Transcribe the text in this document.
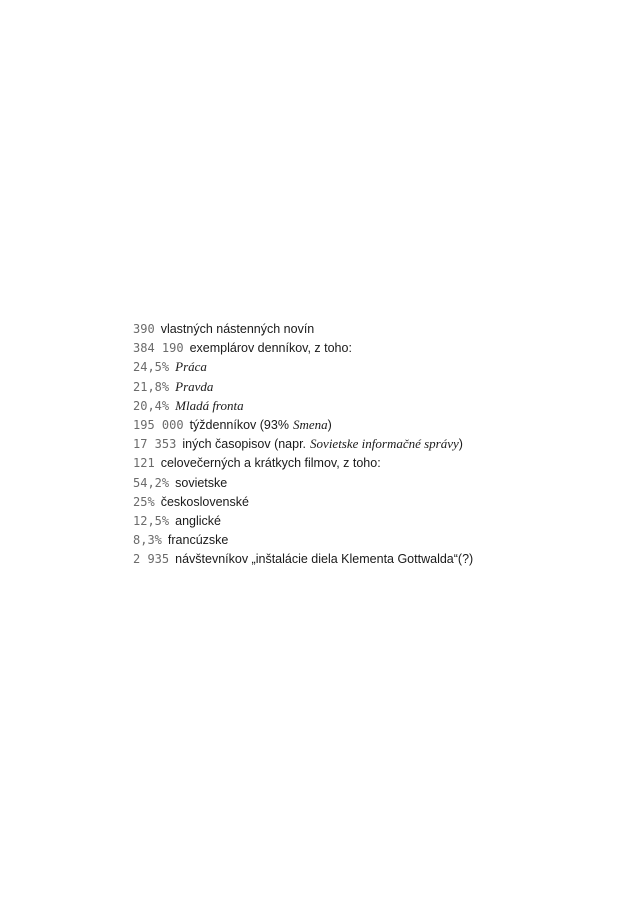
390 vlastných nástenných novín
384 190 exemplárov denníkov, z toho:
24,5% Práca
21,8% Pravda
20,4% Mladá fronta
195 000 týždenníkov (93% Smena)
17 353 iných časopisov (napr. Sovietske informačné správy)
121 celovečerných a krátkych filmov, z toho:
54,2% sovietske
25% československé
12,5% anglické
8,3% francúzske
2 935 návštevníkov „inštalácie diela Klementa Gottwalda“(?)
